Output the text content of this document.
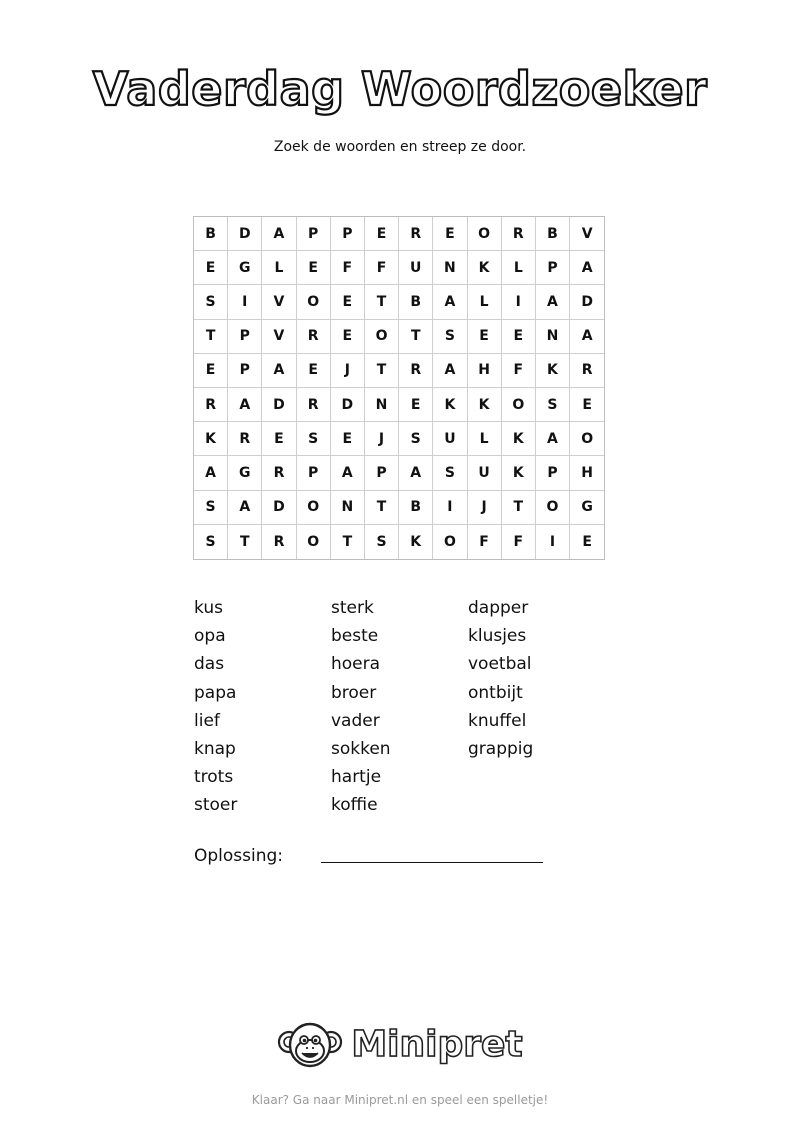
Vaderdag Woordzoeker
Zoek de woorden en streep ze door.
B	D	A	P	P	E	R	E	O	R	B	V
E	G	L	E	F	F	U	N	K	L	P	A
S	I	V	O	E	T	B	A	L	I	A	D
T	P	V	R	E	O	T	S	E	E	N	A
E	P	A	E	J	T	R	A	H	F	K	R
R	A	D	R	D	N	E	K	K	O	S	E
K	R	E	S	E	J	S	U	L	K	A	O
A	G	R	P	A	P	A	S	U	K	P	H
S	A	D	O	N	T	B	I	J	T	O	G
S	T	R	O	T	S	K	O	F	F	I	E
kus
opa
das
papa
lief
knap
trots
stoer
sterk
beste
hoera
broer
vader
sokken
hartje
koffie
dapper
klusjes
voetbal
ontbijt
knuffel
grappig
Oplossing:
Minipret
Klaar? Ga naar Minipret.nl en speel een spelletje!
